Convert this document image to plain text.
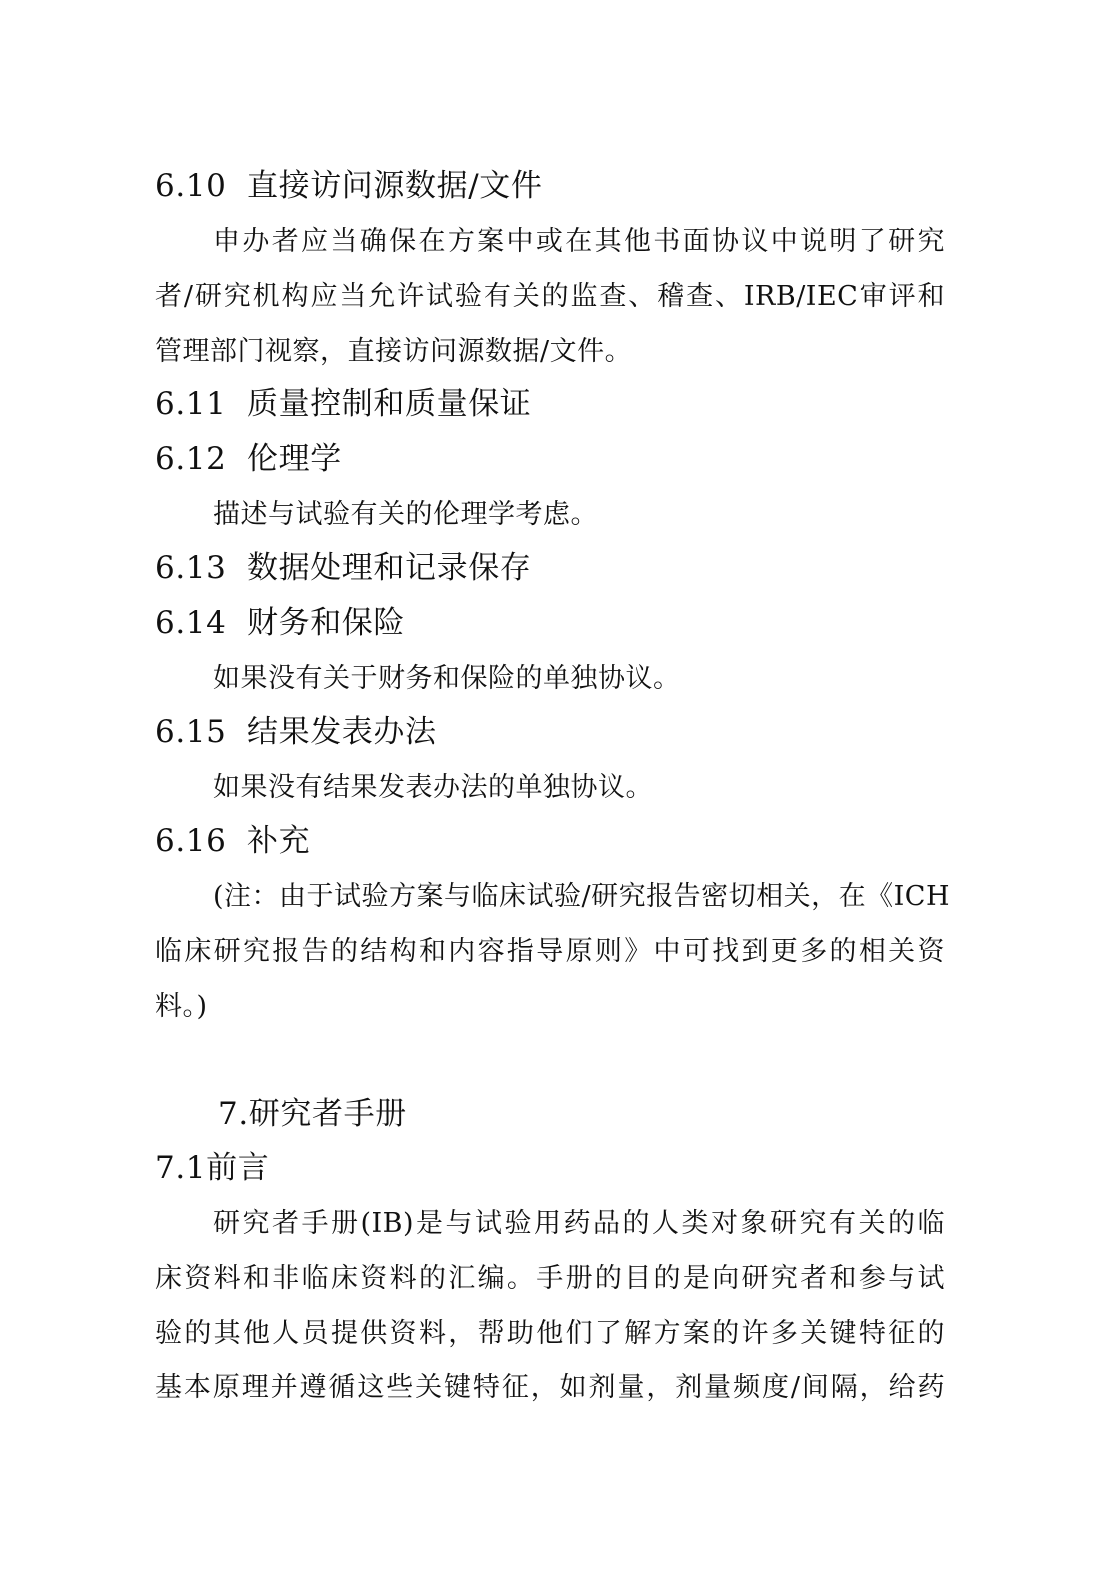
6.10 直接访问源数据/文件
申办者应当确保在方案中或在其他书面协议中说明了研究
者/研究机构应当允许试验有关的监查、稽查、IRB/IEC审评和
管理部门视察，直接访问源数据/文件。
6.11 质量控制和质量保证
6.12 伦理学
描述与试验有关的伦理学考虑。
6.13 数据处理和记录保存
6.14 财务和保险
如果没有关于财务和保险的单独协议。
6.15 结果发表办法
如果没有结果发表办法的单独协议。
6.16 补充
(注：由于试验方案与临床试验/研究报告密切相关，在《ICH
临床研究报告的结构和内容指导原则》中可找到更多的相关资
料。)
7.研究者手册
7.1前言
研究者手册(IB)是与试验用药品的人类对象研究有关的临
床资料和非临床资料的汇编。手册的目的是向研究者和参与试
验的其他人员提供资料，帮助他们了解方案的许多关键特征的
基本原理并遵循这些关键特征，如剂量，剂量频度/间隔，给药
